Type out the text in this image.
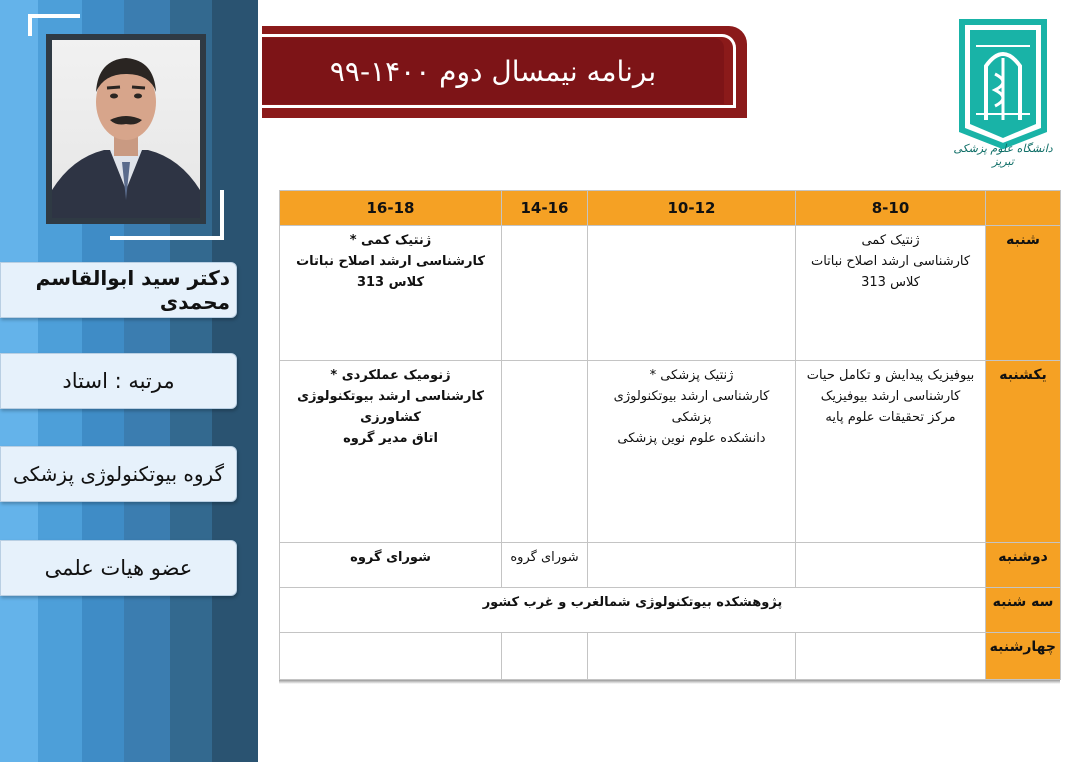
دکتر سید ابوالقاسم محمدی
مرتبه : استاد
گروه بیوتکنولوژی پزشکی
عضو هیات علمی
برنامه نیمسال دوم ۱۴۰۰-۹۹
دانشگاه علوم پزشکی تبریز
16-18	14-16	10-12	8-10	
ژنتیک کمی *
کارشناسی ارشد اصلاح نباتات
کلاس 313			ژنتیک کمی
کارشناسی ارشد اصلاح نباتات
کلاس 313	شنبه
ژنومیک عملکردی *
کارشناسی ارشد بیوتکنولوژی
کشاورزی
اتاق مدیر گروه		ژنتیک پزشکی *
کارشناسی ارشد بیوتکنولوژی
پزشکی
دانشکده علوم نوین پزشکی	بیوفیزیک پیدایش و تکامل حیات
کارشناسی ارشد بیوفیزیک
مرکز تحقیقات علوم پایه	یکشنبه
شورای گروه	شورای گروه			دوشنبه
پژوهشکده بیوتکنولوژی شمالغرب و غرب کشور				سه شنبه
				چهارشنبه
